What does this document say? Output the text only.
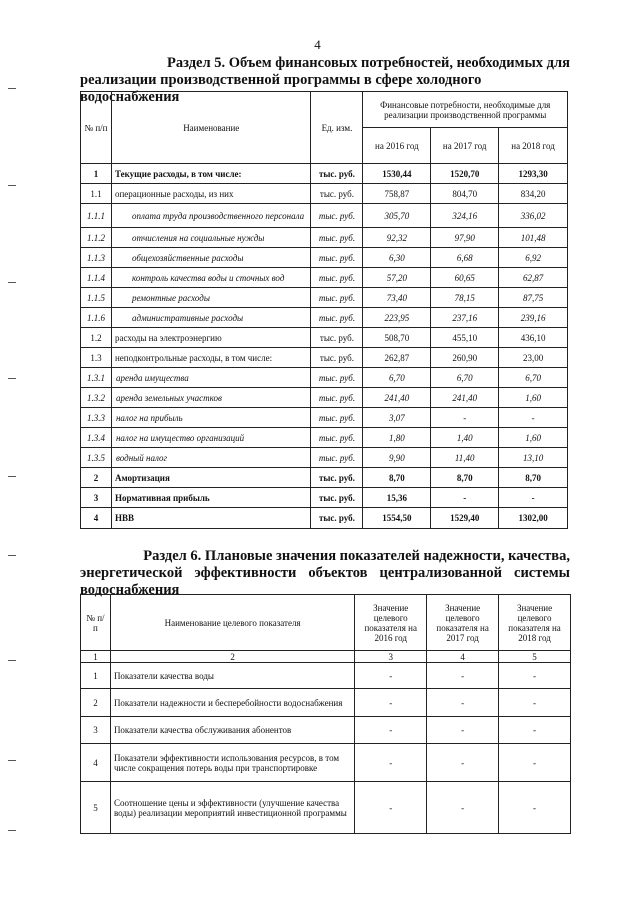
4
Раздел 5. Объем финансовых потребностей, необходимых для
реализации производственной программы в сфере холодного водоснабжения
№ п/п	Наименование	Ед. изм.	Финансовые потребности, необходимые для реализации производственной программы		
			на 2016 год	на 2017 год	на 2018 год
1	Текущие расходы, в том числе:	тыс. руб.	1530,44	1520,70	1293,30
1.1	операционные расходы, из них	тыс. руб.	758,87	804,70	834,20
1.1.1	оплата труда производственного персонала	тыс. руб.	305,70	324,16	336,02
1.1.2	отчисления на социальные нужды	тыс. руб.	92,32	97,90	101,48
1.1.3	общехозяйственные расходы	тыс. руб.	6,30	6,68	6,92
1.1.4	контроль качества воды и сточных вод	тыс. руб.	57,20	60,65	62,87
1.1.5	ремонтные расходы	тыс. руб.	73,40	78,15	87,75
1.1.6	административные расходы	тыс. руб.	223,95	237,16	239,16
1.2	расходы на электроэнергию	тыс. руб.	508,70	455,10	436,10
1.3	неподконтрольные расходы, в том числе:	тыс. руб.	262,87	260,90	23,00
1.3.1	аренда имущества	тыс. руб.	6,70	6,70	6,70
1.3.2	аренда земельных участков	тыс. руб.	241,40	241,40	1,60
1.3.3	налог на прибыль	тыс. руб.	3,07	-	-
1.3.4	налог на имущество организаций	тыс. руб.	1,80	1,40	1,60
1.3.5	водный налог	тыс. руб.	9,90	11,40	13,10
2	Амортизация	тыс. руб.	8,70	8,70	8,70
3	Нормативная прибыль	тыс. руб.	15,36	-	-
4	НВВ	тыс. руб.	1554,50	1529,40	1302,00
Раздел 6. Плановые значения показателей надежности, качества,
энергетической эффективности объектов централизованной системы
водоснабжения
№ п/п	Наименование целевого показателя	Значение целевого показателя на 2016 год	Значение целевого показателя на 2017 год	Значение целевого показателя на 2018 год
1	2	3	4	5
1	Показатели качества воды	-	-	-
2	Показатели надежности и бесперебойности водоснабжения	-	-	-
3	Показатели качества обслуживания абонентов	-	-	-
4	Показатели эффективности использования ресурсов, в том числе сокращения потерь воды при транспортировке	-	-	-
5	Соотношение цены и эффективности (улучшение качества воды) реализации мероприятий инвестиционной программы	-	-	-
